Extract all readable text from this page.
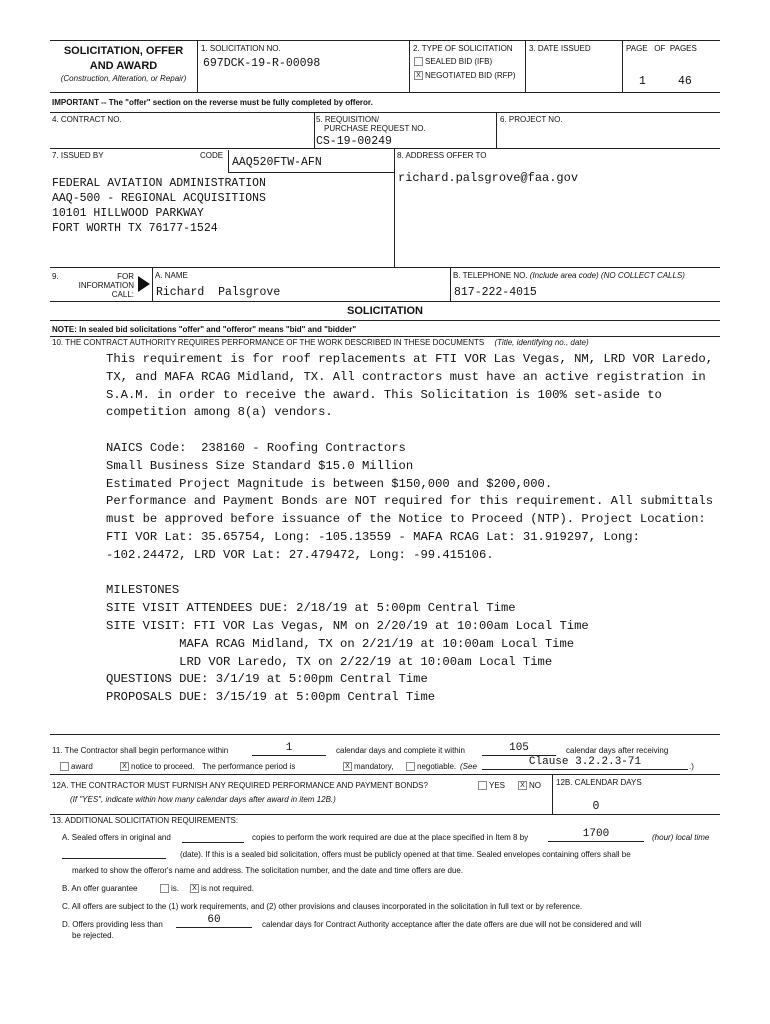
SOLICITATION, OFFER
AND AWARD
(Construction, Alteration, or Repair)
1. SOLICITATION NO.
697DCK-19-R-00098
2. TYPE OF SOLICITATION
SEALED BID (IFB)
X NEGOTIATED BID (RFP)
3. DATE ISSUED	PAGE   OF  PAGES
1	46
IMPORTANT -- The "offer" section on the reverse must be fully completed by offeror.
4. CONTRACT NO.	5. REQUISITION/
PURCHASE REQUEST NO.
CS-19-00249
6. PROJECT NO.
7. ISSUED BY	CODE
AAQ520FTW-AFN
8. ADDRESS OFFER TO
richard.palsgrove@faa.gov
FEDERAL AVIATION ADMINISTRATION
AAQ-500 - REGIONAL ACQUISITIONS
10101 HILLWOOD PARKWAY
FORT WORTH TX 76177-1524
9.	FOR
INFORMATION
CALL:
A. NAME
Richard  Palsgrove
B. TELEPHONE NO. (Include area code) (NO COLLECT CALLS)
817-222-4015
SOLICITATION
NOTE: In sealed bid solicitations "offer" and "offeror" means "bid" and "bidder"
10. THE CONTRACT AUTHORITY REQUIRES PERFORMANCE OF THE WORK DESCRIBED IN THESE DOCUMENTS (Title, identifying no., date)
This requirement is for roof replacements at FTI VOR Las Vegas, NM, LRD VOR Laredo,
TX, and MAFA RCAG Midland, TX. All contractors must have an active registration in
S.A.M. in order to receive the award. This Solicitation is 100% set-aside to
competition among 8(a) vendors.

NAICS Code:  238160 - Roofing Contractors
Small Business Size Standard $15.0 Million
Estimated Project Magnitude is between $150,000 and $200,000.
Performance and Payment Bonds are NOT required for this requirement. All submittals
must be approved before issuance of the Notice to Proceed (NTP). Project Location:
FTI VOR Lat: 35.65754, Long: -105.13559 - MAFA RCAG Lat: 31.919297, Long:
-102.24472, LRD VOR Lat: 27.479472, Long: -99.415106.

MILESTONES
SITE VISIT ATTENDEES DUE: 2/18/19 at 5:00pm Central Time
SITE VISIT: FTI VOR Las Vegas, NM on 2/20/19 at 10:00am Local Time
MAFA RCAG Midland, TX on 2/21/19 at 10:00am Local Time
LRD VOR Laredo, TX on 2/22/19 at 10:00am Local Time
QUESTIONS DUE: 3/1/19 at 5:00pm Central Time
PROPOSALS DUE: 3/15/19 at 5:00pm Central Time
11. The Contractor shall begin performance within	1	calendar days and complete it within	105	calendar days after receiving
award	X notice to proceed. The performance period is	X mandatory,	negotiable. (See	Clause 3.2.2.3-71	.)
12A. THE CONTRACTOR MUST FURNISH ANY REQUIRED PERFORMANCE AND PAYMENT BONDS?
(If "YES", indicate within how many calendar days after award in item 12B.)
YES	X NO 12B. CALENDAR DAYS
0
13. ADDITIONAL SOLICITATION REQUIREMENTS:
A. Sealed offers in original and	copies to perform the work required are due at the place specified in Item 8 by	1700	(hour) local time
(date). If this is a sealed bid solicitation, offers must be publicly opened at that time. Sealed envelopes containing offers shall be
marked to show the offeror's name and address. The solicitation number, and the date and time offers are due.
B. An offer guarantee	is.	X is not required.
C. All offers are subject to the (1) work requirements, and (2) other provisions and clauses incorporated in the solicitation in full text or by reference.
D. Offers providing less than	60	calendar days for Contract Authority acceptance after the date offers are due will not be considered and will
be rejected.
